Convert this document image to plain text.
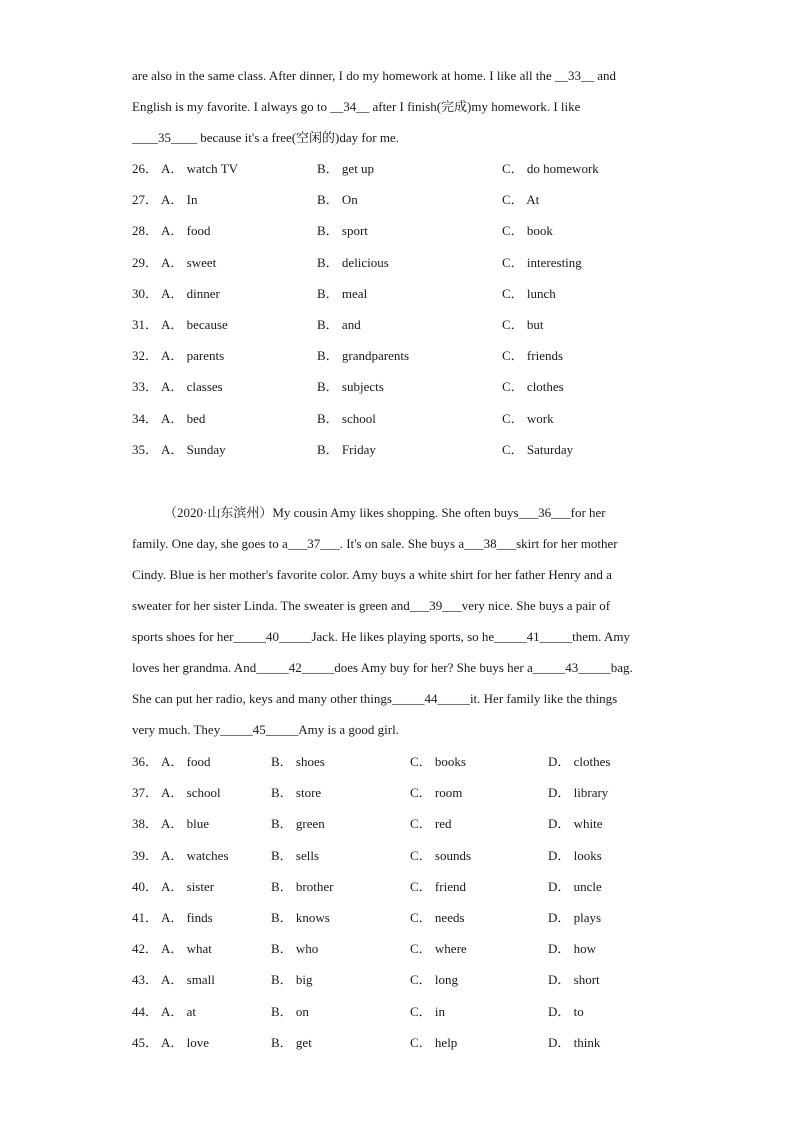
are also in the same class. After dinner, I do my homework at home. I like all the __33__ and
English is my favorite. I always go to __34__ after I finish(完成)my homework. I like
____35____ because it's a free(空闲的)day for me.
26． A． watch TV	B． get up	C． do homework
27． A． In	B． On	C． At
28． A． food	B． sport	C． book
29． A． sweet	B． delicious	C． interesting
30． A． dinner	B． meal	C． lunch
31． A． because	B． and	C． but
32． A． parents	B． grandparents	C． friends
33． A． classes	B． subjects	C． clothes
34． A． bed	B． school	C． work
35． A． Sunday	B． Friday	C． Saturday
（2020·山东滨州）My cousin Amy likes shopping. She often buys___36___for her
family. One day, she goes to a___37___. It's on sale. She buys a___38___skirt for her mother
Cindy. Blue is her mother's favorite color. Amy buys a white shirt for her father Henry and a
sweater for her sister Linda. The sweater is green and___39___very nice. She buys a pair of
sports shoes for her_____40_____Jack. He likes playing sports, so he_____41_____them. Amy
loves her grandma. And_____42_____does Amy buy for her? She buys her a_____43_____bag.
She can put her radio, keys and many other things_____44_____it. Her family like the things
very much. They_____45_____Amy is a good girl.
36． A． food	B． shoes	C． books	D． clothes
37． A． school	B． store	C． room	D． library
38． A． blue	B． green	C． red	D． white
39． A． watches	B． sells	C． sounds	D． looks
40． A． sister	B． brother	C． friend	D． uncle
41． A． finds	B． knows	C． needs	D． plays
42． A． what	B． who	C． where	D． how
43． A． small	B． big	C． long	D． short
44． A． at	B． on	C． in	D． to
45． A． love	B． get	C． help	D． think
